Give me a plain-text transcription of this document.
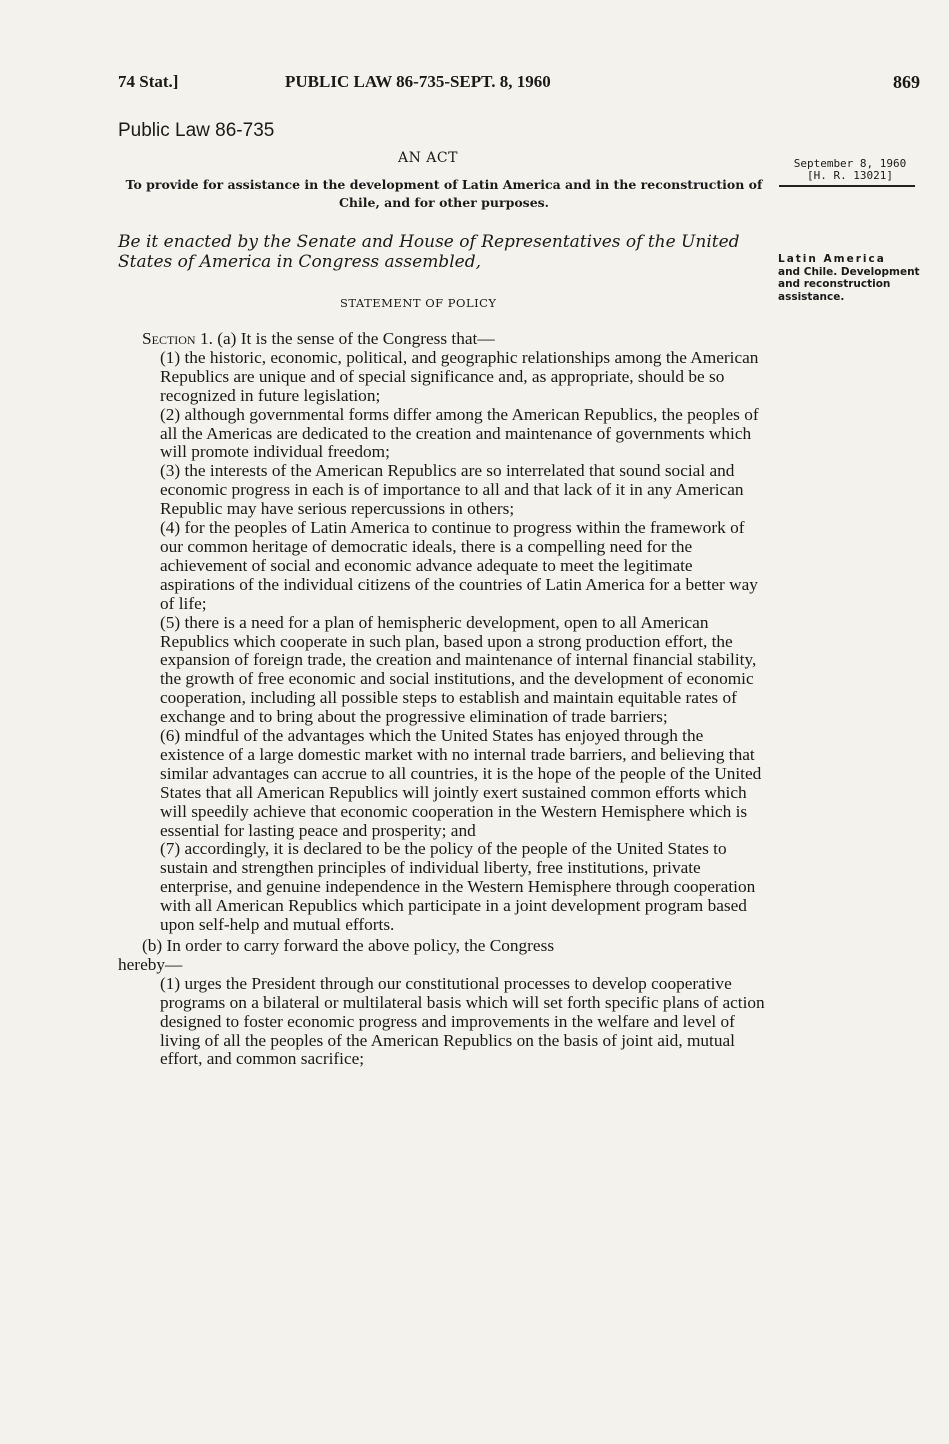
74 Stat.]	PUBLIC LAW 86-735-SEPT. 8, 1960	869
Public Law 86-735
AN ACT
To provide for assistance in the development of Latin America and in the reconstruction of Chile, and for other purposes.
Be it enacted by the Senate and House of Representatives of the United States of America in Congress assembled,
STATEMENT OF POLICY
September 8, 1960
[H. R. 13021]
Latin America
and Chile. Development and reconstruction assistance.

Section 1. (a) It is the sense of the Congress that—

(1) the historic, economic, political, and geographic relationships among the American Republics are unique and of special significance and, as appropriate, should be so recognized in future legislation;

(2) although governmental forms differ among the American Republics, the peoples of all the Americas are dedicated to the creation and maintenance of governments which will promote individual freedom;

(3) the interests of the American Republics are so interrelated that sound social and economic progress in each is of importance to all and that lack of it in any American Republic may have serious repercussions in others;

(4) for the peoples of Latin America to continue to progress within the framework of our common heritage of democratic ideals, there is a compelling need for the achievement of social and economic advance adequate to meet the legitimate aspirations of the individual citizens of the countries of Latin America for a better way of life;

(5) there is a need for a plan of hemispheric development, open to all American Republics which cooperate in such plan, based upon a strong production effort, the expansion of foreign trade, the creation and maintenance of internal financial stability, the growth of free economic and social institutions, and the development of economic cooperation, including all possible steps to establish and maintain equitable rates of exchange and to bring about the progressive elimination of trade barriers;

(6) mindful of the advantages which the United States has enjoyed through the existence of a large domestic market with no internal trade barriers, and believing that similar advantages can accrue to all countries, it is the hope of the people of the United States that all American Republics will jointly exert sustained common efforts which will speedily achieve that economic cooperation in the Western Hemisphere which is essential for lasting peace and prosperity; and

(7) accordingly, it is declared to be the policy of the people of the United States to sustain and strengthen principles of individual liberty, free institutions, private enterprise, and genuine independence in the Western Hemisphere through cooperation with all American Republics which participate in a joint development program based upon self-help and mutual efforts.

(b) In order to carry forward the above policy, the Congress
hereby—

(1) urges the President through our constitutional processes to develop cooperative programs on a bilateral or multilateral basis which will set forth specific plans of action designed to foster economic progress and improvements in the welfare and level of living of all the peoples of the American Republics on the basis of joint aid, mutual effort, and common sacrifice;
